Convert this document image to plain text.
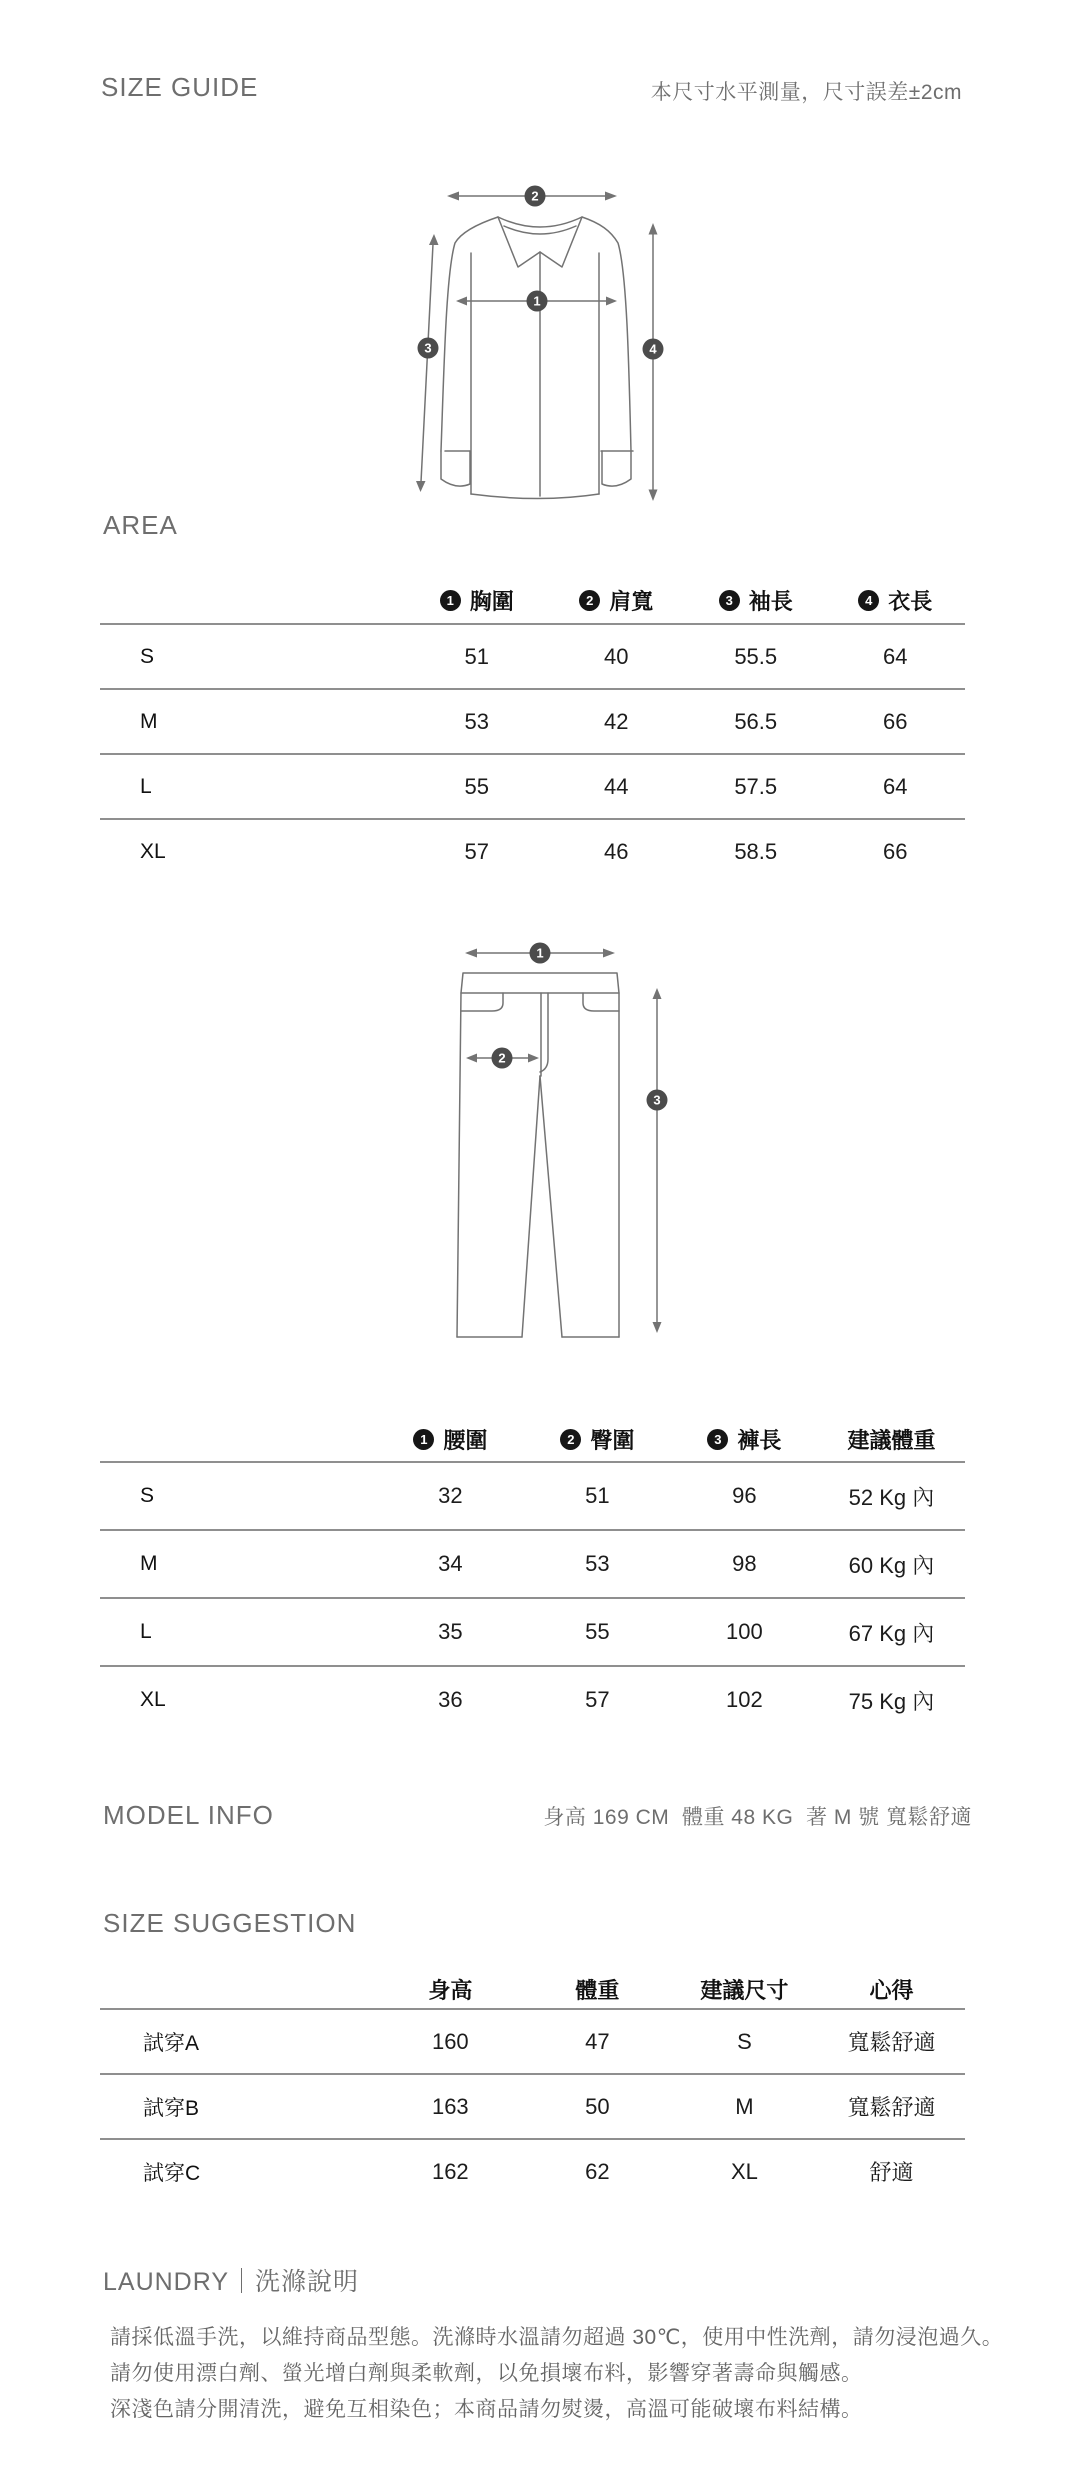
SIZE GUIDE	本尺寸水平測量，尺寸誤差±2cm
2
1
3	4
AREA
1 胸圍	2 肩寬	3 袖長	4 衣長
S	51	40	55.5	64
M	53	42	56.5	66
L	55	44	57.5	64
XL	57	46	58.5	66
1
2
3
1 腰圍	2 臀圍	3 褲長	建議體重
S	32	51	96	52 Kg 內
M	34	53	98	60 Kg 內
L	35	55	100	67 Kg 內
XL	36	57	102	75 Kg 內
MODEL INFO	身高 169 CM  體重 48 KG  著 M 號 寬鬆舒適
SIZE SUGGESTION
身高	體重	建議尺寸	心得
試穿A	160	47	S	寬鬆舒適
試穿B	163	50	M	寬鬆舒適
試穿C	162	62	XL	舒適
LAUNDRY｜洗滌說明
請採低溫手洗，以維持商品型態。洗滌時水溫請勿超過 30℃，使用中性洗劑，請勿浸泡過久。
請勿使用漂白劑、螢光增白劑與柔軟劑，以免損壞布料，影響穿著壽命與觸感。
深淺色請分開清洗，避免互相染色；本商品請勿熨燙，高溫可能破壞布料結構。
